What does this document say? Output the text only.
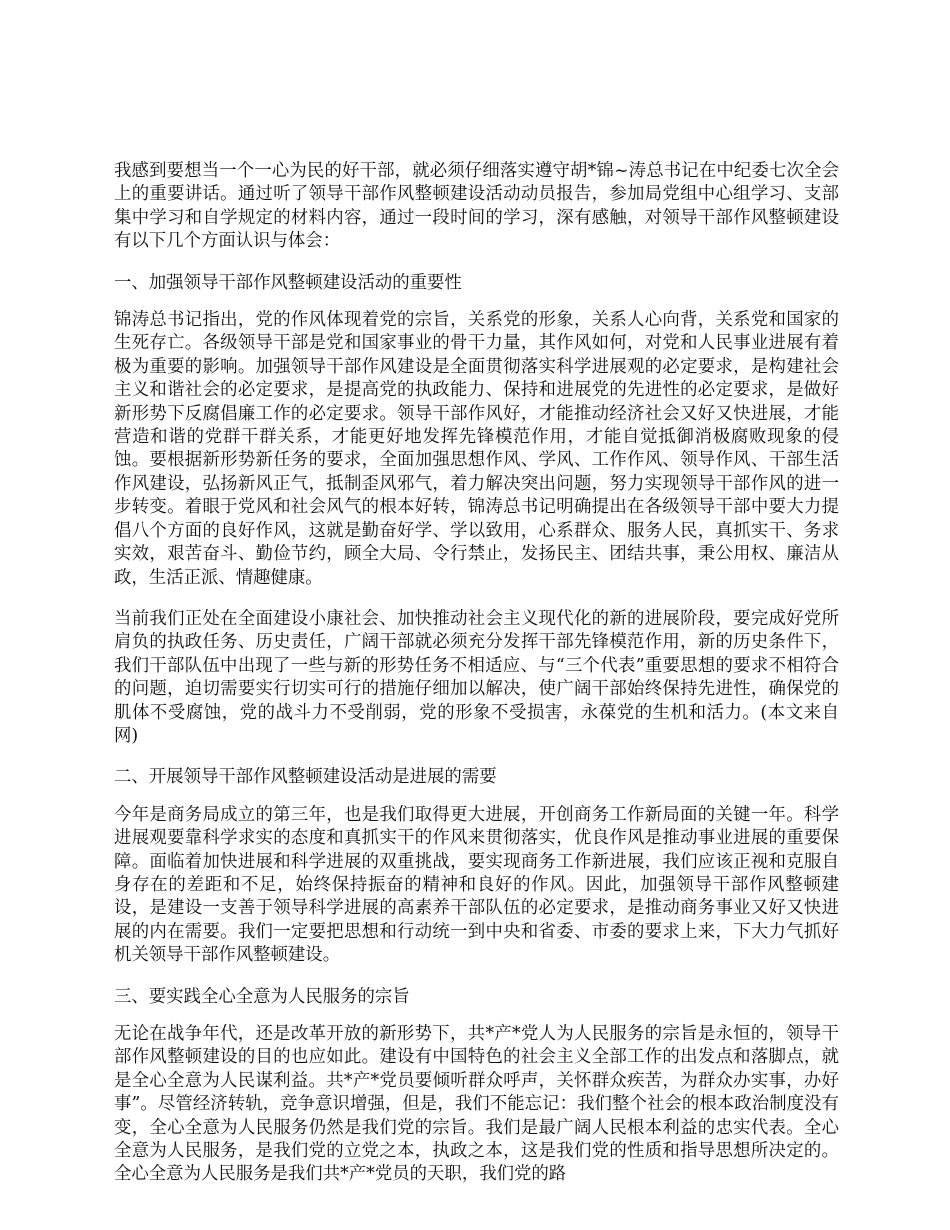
我感到要想当一个一心为民的好干部，就必须仔细落实遵守胡*锦~涛总书记在中纪委七次全会上的重要讲话。通过听了领导干部作风整顿建设活动动员报告，参加局党组中心组学习、支部集中学习和自学规定的材料内容，通过一段时间的学习，深有感触，对领导干部作风整顿建设有以下几个方面认识与体会：

一、加强领导干部作风整顿建设活动的重要性

锦涛总书记指出，党的作风体现着党的宗旨，关系党的形象，关系人心向背，关系党和国家的生死存亡。各级领导干部是党和国家事业的骨干力量，其作风如何，对党和人民事业进展有着极为重要的影响。加强领导干部作风建设是全面贯彻落实科学进展观的必定要求，是构建社会主义和谐社会的必定要求，是提高党的执政能力、保持和进展党的先进性的必定要求，是做好新形势下反腐倡廉工作的必定要求。领导干部作风好，才能推动经济社会又好又快进展，才能营造和谐的党群干群关系，才能更好地发挥先锋模范作用，才能自觉抵御消极腐败现象的侵蚀。要根据新形势新任务的要求，全面加强思想作风、学风、工作作风、领导作风、干部生活作风建设，弘扬新风正气，抵制歪风邪气，着力解决突出问题，努力实现领导干部作风的进一步转变。着眼于党风和社会风气的根本好转，锦涛总书记明确提出在各级领导干部中要大力提倡八个方面的良好作风，这就是勤奋好学、学以致用，心系群众、服务人民，真抓实干、务求实效，艰苦奋斗、勤俭节约，顾全大局、令行禁止，发扬民主、团结共事，秉公用权、廉洁从政，生活正派、情趣健康。

当前我们正处在全面建设小康社会、加快推动社会主义现代化的新的进展阶段，要完成好党所肩负的执政任务、历史责任，广阔干部就必须充分发挥干部先锋模范作用，新的历史条件下，我们干部队伍中出现了一些与新的形势任务不相适应、与“三个代表”重要思想的要求不相符合的问题，迫切需要实行切实可行的措施仔细加以解决，使广阔干部始终保持先进性，确保党的肌体不受腐蚀，党的战斗力不受削弱，党的形象不受损害，永葆党的生机和活力。(本文来自 网)

二、开展领导干部作风整顿建设活动是进展的需要

今年是商务局成立的第三年，也是我们取得更大进展，开创商务工作新局面的关键一年。科学进展观要靠科学求实的态度和真抓实干的作风来贯彻落实，优良作风是推动事业进展的重要保障。面临着加快进展和科学进展的双重挑战，要实现商务工作新进展，我们应该正视和克服自身存在的差距和不足，始终保持振奋的精神和良好的作风。因此，加强领导干部作风整顿建设，是建设一支善于领导科学进展的高素养干部队伍的必定要求，是推动商务事业又好又快进展的内在需要。我们一定要把思想和行动统一到中央和省委、市委的要求上来，下大力气抓好机关领导干部作风整顿建设。

三、要实践全心全意为人民服务的宗旨

无论在战争年代，还是改革开放的新形势下，共*产*党人为人民服务的宗旨是永恒的，领导干部作风整顿建设的目的也应如此。建设有中国特色的社会主义全部工作的出发点和落脚点，就是全心全意为人民谋利益。共*产*党员要倾听群众呼声，关怀群众疾苦，为群众办实事，办好事”。尽管经济转轨，竞争意识增强，但是，我们不能忘记：我们整个社会的根本政治制度没有变，全心全意为人民服务仍然是我们党的宗旨。我们是最广阔人民根本利益的忠实代表。全心全意为人民服务，是我们党的立党之本，执政之本，这是我们党的性质和指导思想所决定的。全心全意为人民服务是我们共*产*党员的天职，我们党的路
